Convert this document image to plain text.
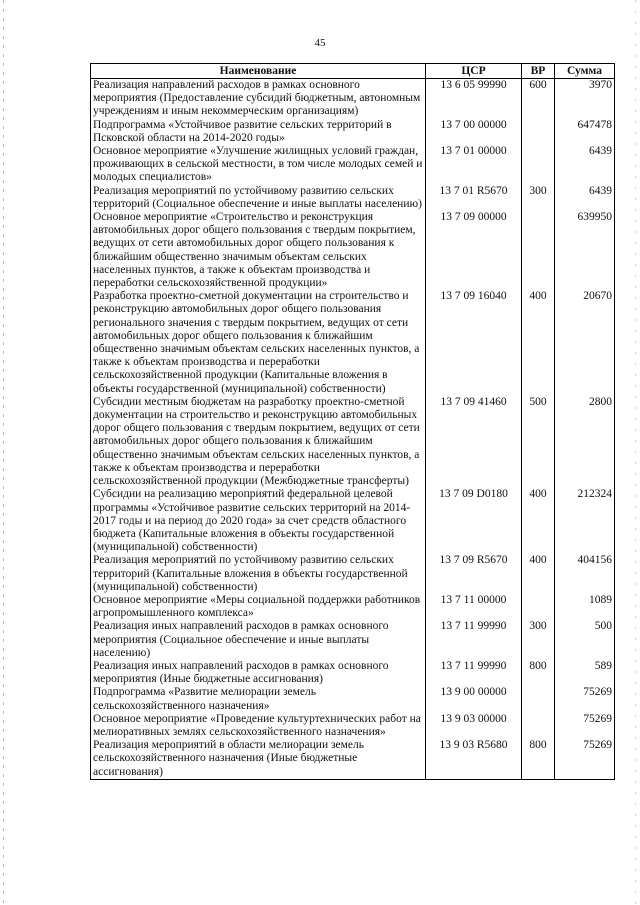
45
Наименование	ЦСР	ВР	Сумма
Реализация направлений расходов в рамках основного мероприятия (Предоставление субсидий бюджетным, автономным учреждениям и иным некоммерческим организациям)	13 6 05 99990	600	3970
Подпрограмма «Устойчивое развитие сельских территорий в Псковской области на 2014-2020 годы»	13 7 00 00000		647478
Основное мероприятие «Улучшение жилищных условий граждан, проживающих в сельской местности, в том числе молодых семей и молодых специалистов»	13 7 01 00000		6439
Реализация мероприятий по устойчивому развитию сельских территорий (Социальное обеспечение и иные выплаты населению)	13 7 01 R5670	300	6439
Основное мероприятие «Строительство и реконструкция автомобильных дорог общего пользования с твердым покрытием, ведущих от сети автомобильных дорог общего пользования к ближайшим общественно значимым объектам сельских населенных пунктов, а также к объектам производства и переработки сельскохозяйственной продукции»	13 7 09 00000		639950
Разработка проектно-сметной документации на строительство и реконструкцию автомобильных дорог общего пользования регионального значения с твердым покрытием, ведущих от сети автомобильных дорог общего пользования к ближайшим общественно значимым объектам сельских населенных пунктов, а также к объектам производства и переработки сельскохозяйственной продукции (Капитальные вложения в объекты государственной (муниципальной) собственности)	13 7 09 16040	400	20670
Субсидии местным бюджетам на разработку проектно-сметной документации на строительство и реконструкцию автомобильных дорог общего пользования с твердым покрытием, ведущих от сети автомобильных дорог общего пользования к ближайшим общественно значимым объектам сельских населенных пунктов, а также к объектам производства и переработки сельскохозяйственной продукции (Межбюджетные трансферты)	13 7 09 41460	500	2800
Субсидии на реализацию мероприятий федеральной целевой программы «Устойчивое развитие сельских территорий на 2014-2017 годы и на период до 2020 года» за счет средств областного бюджета (Капитальные вложения в объекты государственной (муниципальной) собственности)	13 7 09 D0180	400	212324
Реализация мероприятий по устойчивому развитию сельских территорий (Капитальные вложения в объекты государственной (муниципальной) собственности)	13 7 09 R5670	400	404156
Основное мероприятие «Меры социальной поддержки работников агропромышленного комплекса»	13 7 11 00000		1089
Реализация иных направлений расходов в рамках основного мероприятия (Социальное обеспечение и иные выплаты населению)	13 7 11 99990	300	500
Реализация иных направлений расходов в рамках основного мероприятия (Иные бюджетные ассигнования)	13 7 11 99990	800	589
Подпрограмма «Развитие мелиорации земель сельскохозяйственного назначения»	13 9 00 00000		75269
Основное мероприятие «Проведение культуртехнических работ на мелиоративных землях сельскохозяйственного назначения»	13 9 03 00000		75269
Реализация мероприятий в области мелиорации земель сельскохозяйственного назначения (Иные бюджетные ассигнования)	13 9 03 R5680	800	75269
